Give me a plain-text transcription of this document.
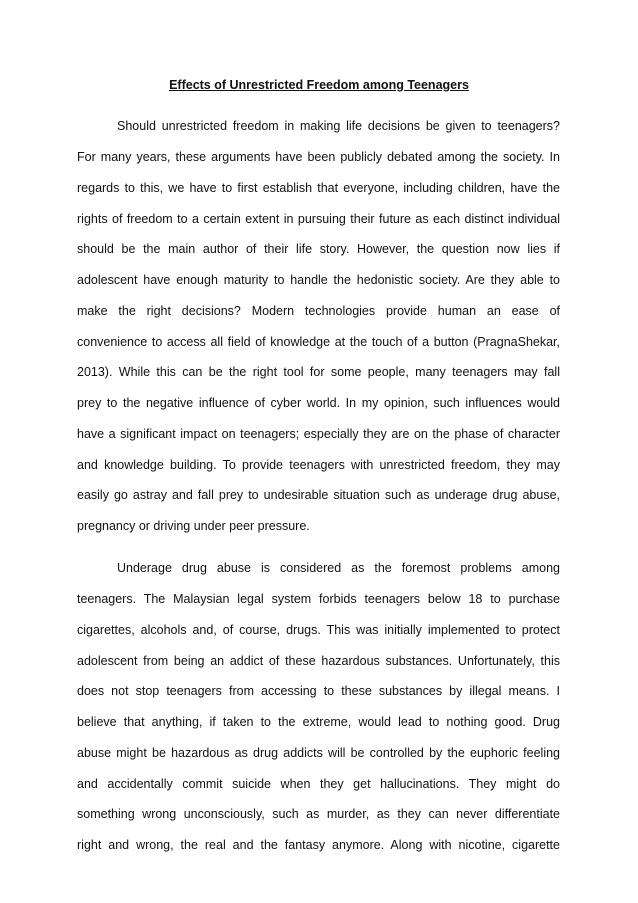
Effects of Unrestricted Freedom among Teenagers
Should unrestricted freedom in making life decisions be given to teenagers?
For many years, these arguments have been publicly debated among the society. In
regards to this, we have to first establish that everyone, including children, have the
rights of freedom to a certain extent in pursuing their future as each distinct individual
should be the main author of their life story. However, the question now lies if
adolescent have enough maturity to handle the hedonistic society. Are they able to
make the right decisions? Modern technologies provide human an ease of
convenience to access all field of knowledge at the touch of a button (PragnaShekar,
2013). While this can be the right tool for some people, many teenagers may fall
prey to the negative influence of cyber world. In my opinion, such influences would
have a significant impact on teenagers; especially they are on the phase of character
and knowledge building. To provide teenagers with unrestricted freedom, they may
easily go astray and fall prey to undesirable situation such as underage drug abuse,
pregnancy or driving under peer pressure.
Underage drug abuse is considered as the foremost problems among
teenagers. The Malaysian legal system forbids teenagers below 18 to purchase
cigarettes, alcohols and, of course, drugs. This was initially implemented to protect
adolescent from being an addict of these hazardous substances. Unfortunately, this
does not stop teenagers from accessing to these substances by illegal means. I
believe that anything, if taken to the extreme, would lead to nothing good. Drug
abuse might be hazardous as drug addicts will be controlled by the euphoric feeling
and accidentally commit suicide when they get hallucinations. They might do
something wrong unconsciously, such as murder, as they can never differentiate
right and wrong, the real and the fantasy anymore. Along with nicotine, cigarette
